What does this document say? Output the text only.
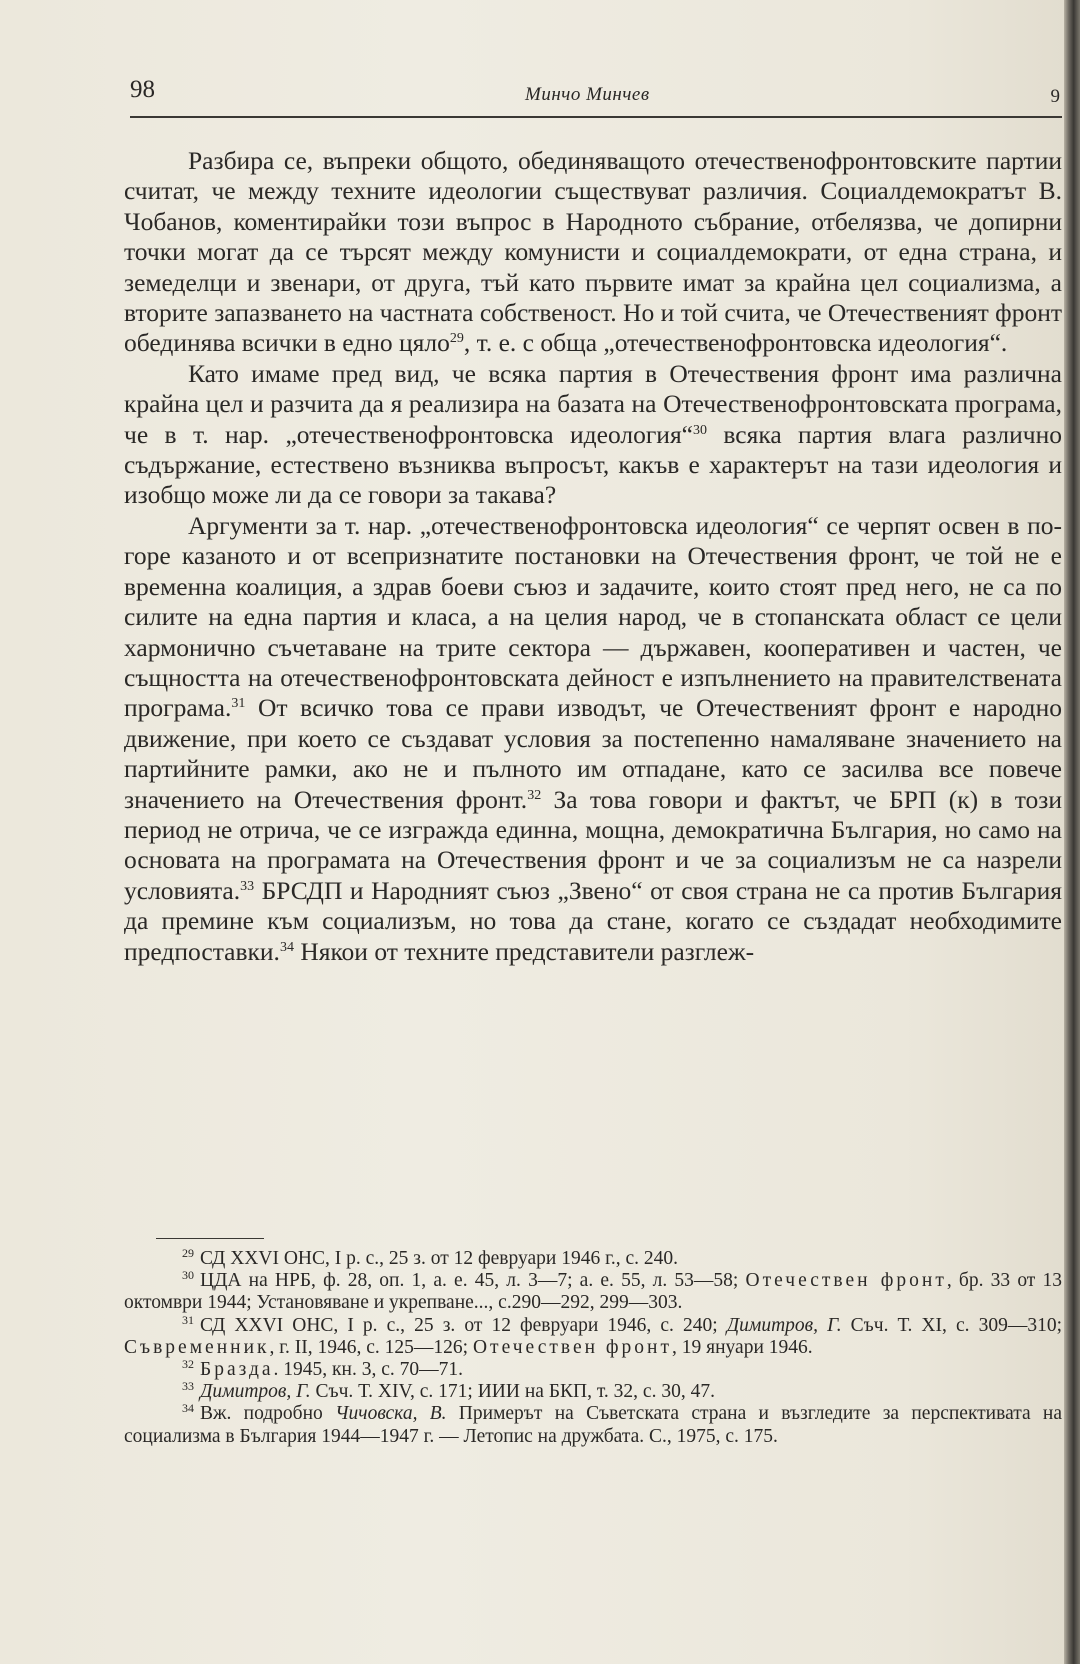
98	Минчо Минчев	9

Разбира се, въпреки общото, обединяващото отечественофронтовските партии считат, че между техните идеологии съществуват различия. Социалдемократът В. Чобанов, коментирайки този въпрос в Народното събрание, отбелязва, че допирни точки могат да се търсят между комунисти и социалдемократи, от една страна, и земеделци и звенари, от друга, тъй като първите имат за крайна цел социализма, а вторите запазването на частната собственост. Но и той счита, че Отечественият фронт обединява всички в едно цяло$^{29}$, т. е. с обща „отечественофронтовска идеология“.

Като имаме пред вид, че всяка партия в Отечествения фронт има различна крайна цел и разчита да я реализира на базата на Отечественофронтовската програма, че в т. нар. „отечественофронтовска идеология“$^{30}$ всяка партия влага различно съдържание, естествено възниква въпросът, какъв е характерът на тази идеология и изобщо може ли да се говори за такава?

Аргументи за т. нар. „отечественофронтовска идеология“ се черпят освен в по-горе казаното и от всепризнатите постановки на Отечествения фронт, че той не е временна коалиция, а здрав боеви съюз и задачите, които стоят пред него, не са по силите на една партия и класа, а на целия народ, че в стопанската област се цели хармонично съчетаване на трите сектора — държавен, кооперативен и частен, че същността на отечественофронтовската дейност е изпълнението на правителствената програма.$^{31}$ От всичко това се прави изводът, че Отечественият фронт е народно движение, при което се създават условия за постепенно намаляване значението на партийните рамки, ако не и пълното им отпадане, като се засилва все повече значението на Отечествения фронт.$^{32}$ За това говори и фактът, че БРП (к) в този период не отрича, че се изгражда единна, мощна, демократична България, но само на основата на програмата на Отечествения фронт и че за социализъм не са назрели условията.$^{33}$ БРСДП и Народният съюз „Звено“ от своя страна не са против България да премине към социализъм, но това да стане, когато се създадат необходимите предпоставки.$^{34}$ Някои от техните представители разглеж-

$^{29}$ СД XXVI ОНС, I р. с., 25 з. от 12 февруари 1946 г., с. 240.

$^{30}$ ЦДА на НРБ, ф. 28, оп. 1, а. е. 45, л. 3—7; а. е. 55, л. 53—58; Отечествен фронт, бр. 33 от 13 октомври 1944; Установяване и укрепване..., с.290—292, 299—303.

$^{31}$ СД XXVI ОНС, I р. с., 25 з. от 12 февруари 1946, с. 240; Димитров, Г. Съч. Т. XI, с. 309—310; Съвременник, г. II, 1946, с. 125—126; Отечествен фронт, 19 януари 1946.

$^{32}$ Бразда. 1945, кн. 3, с. 70—71.

$^{33}$ Димитров, Г. Съч. Т. XIV, с. 171; ИИИ на БКП, т. 32, с. 30, 47.

$^{34}$ Вж. подробно Чичовска, В. Примерът на Съветската страна и възгледите за перспективата на социализма в България 1944—1947 г. — Летопис на дружбата. С., 1975, с. 175.
